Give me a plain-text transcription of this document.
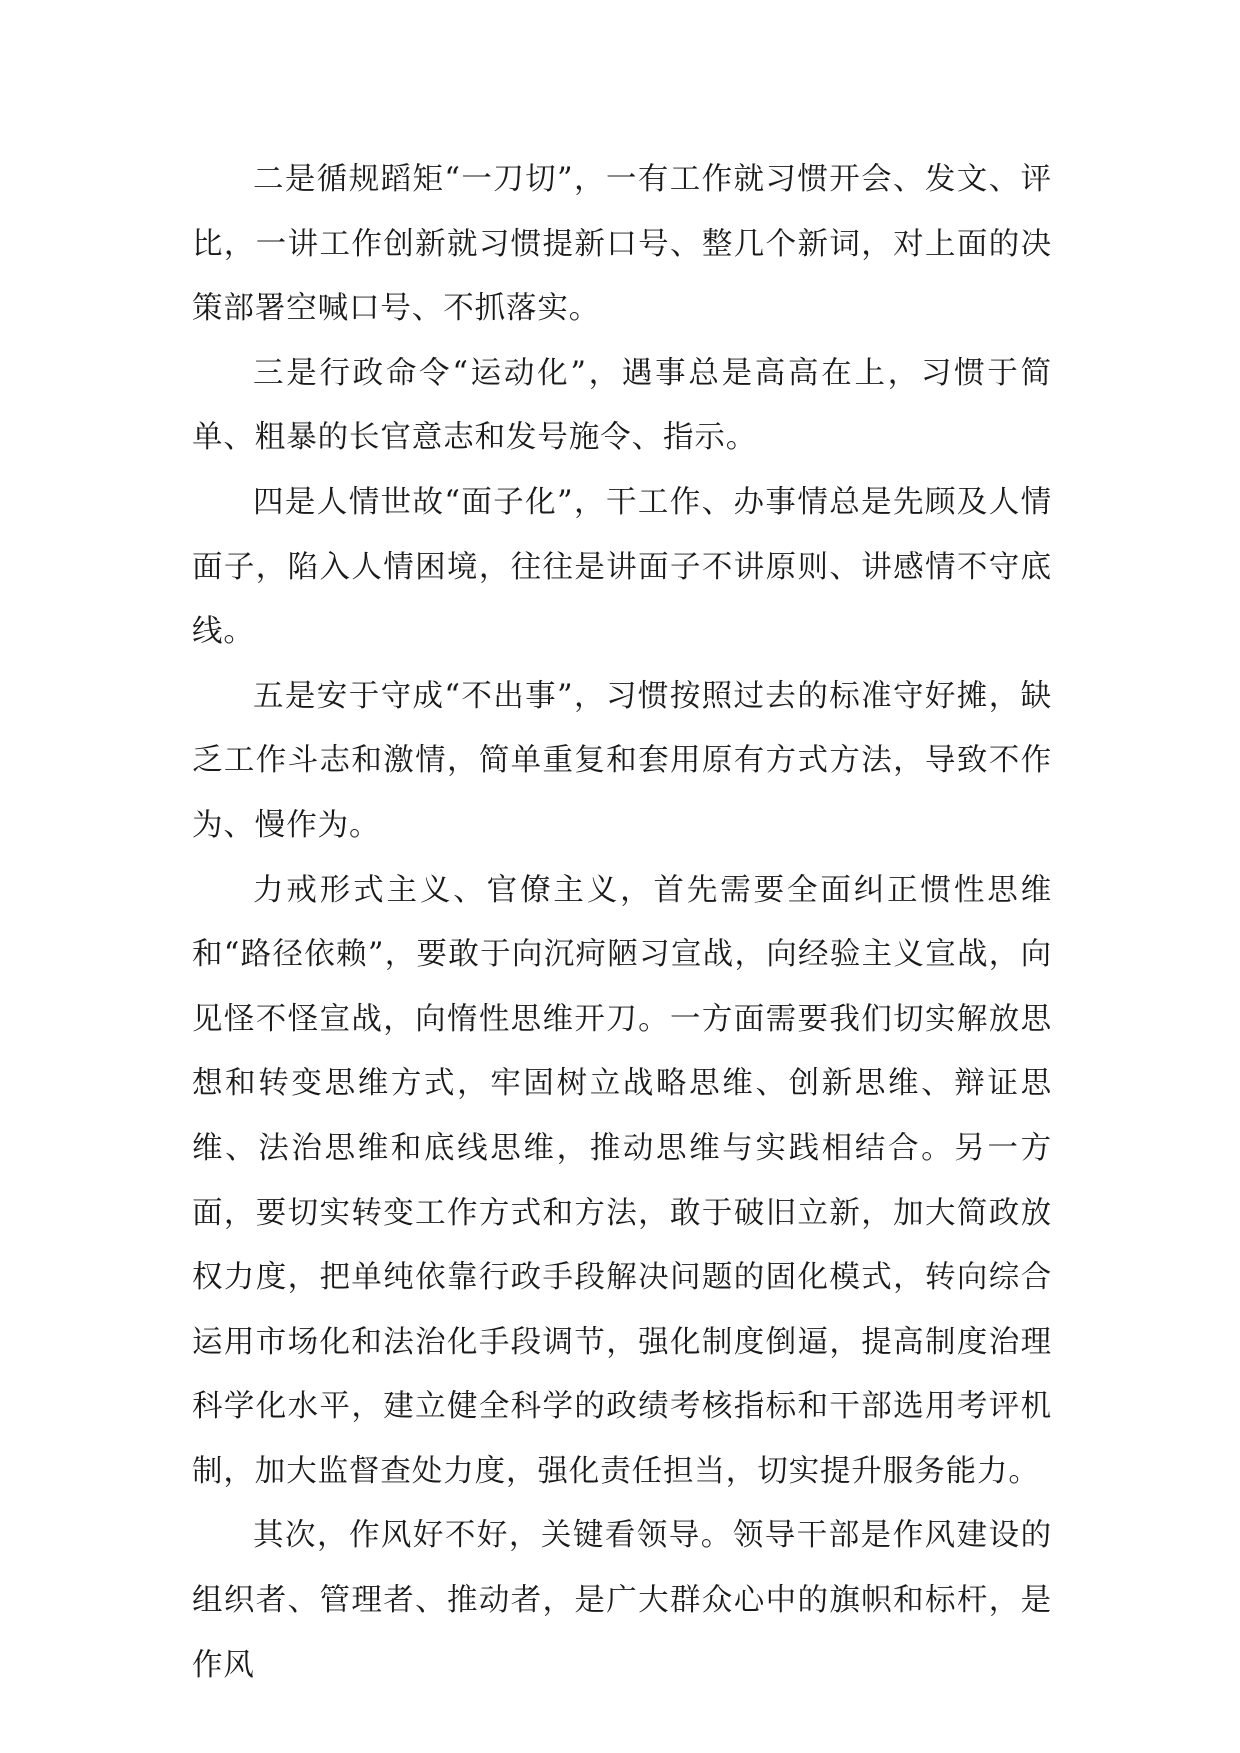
二是循规蹈矩“一刀切”，一有工作就习惯开会、发文、评比，一讲工作创新就习惯提新口号、整几个新词，对上面的决策部署空喊口号、不抓落实。

三是行政命令“运动化”，遇事总是高高在上，习惯于简单、粗暴的长官意志和发号施令、指示。

四是人情世故“面子化”，干工作、办事情总是先顾及人情面子，陷入人情困境，往往是讲面子不讲原则、讲感情不守底线。

五是安于守成“不出事”，习惯按照过去的标准守好摊，缺乏工作斗志和激情，简单重复和套用原有方式方法，导致不作为、慢作为。

力戒形式主义、官僚主义，首先需要全面纠正惯性思维和“路径依赖”，要敢于向沉疴陋习宣战，向经验主义宣战，向见怪不怪宣战，向惰性思维开刀。一方面需要我们切实解放思想和转变思维方式，牢固树立战略思维、创新思维、辩证思维、法治思维和底线思维，推动思维与实践相结合。另一方面，要切实转变工作方式和方法，敢于破旧立新，加大简政放权力度，把单纯依靠行政手段解决问题的固化模式，转向综合运用市场化和法治化手段调节，强化制度倒逼，提高制度治理科学化水平，建立健全科学的政绩考核指标和干部选用考评机制，加大监督查处力度，强化责任担当，切实提升服务能力。

其次，作风好不好，关键看领导。领导干部是作风建设的组织者、管理者、推动者，是广大群众心中的旗帜和标杆，是作风
